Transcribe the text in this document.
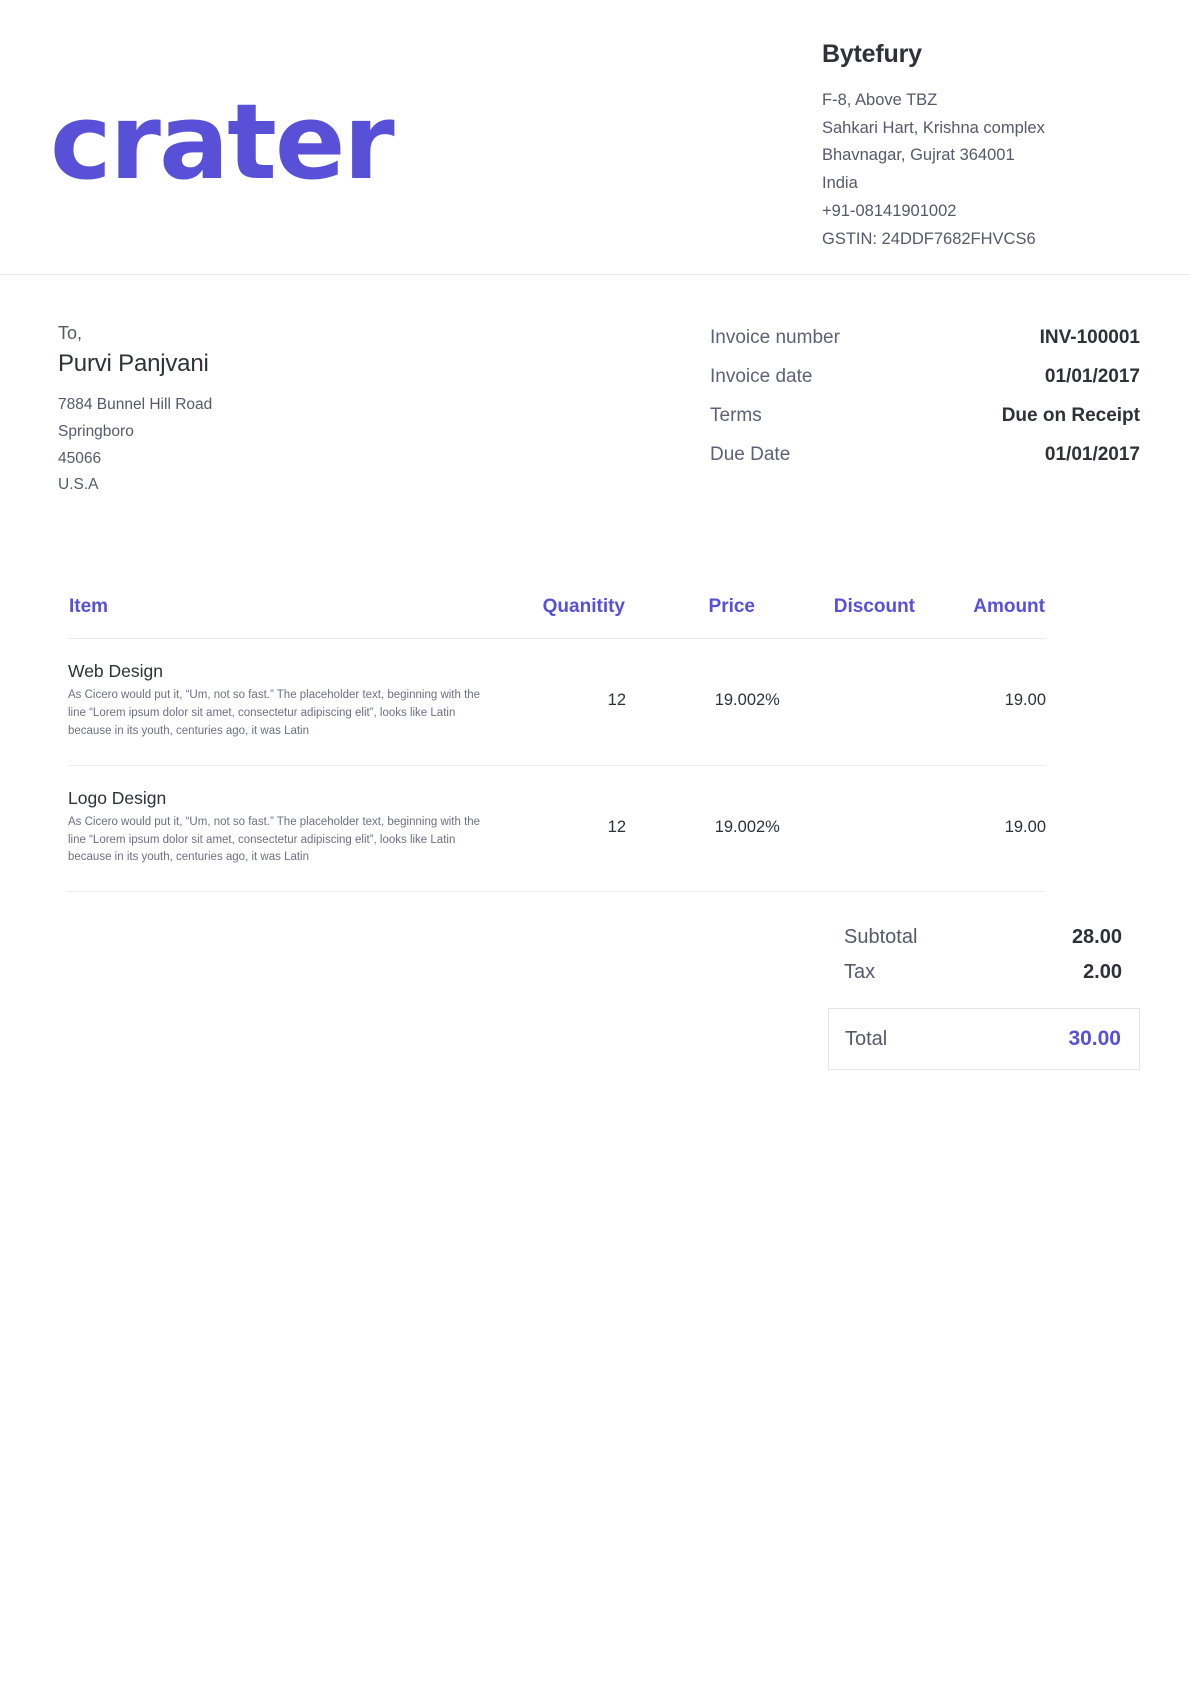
crater
Bytefury
F-8, Above TBZ
Sahkari Hart, Krishna complex
Bhavnagar, Gujrat 364001
India
+91-08141901002
GSTIN: 24DDF7682FHVCS6
To,
Purvi Panjvani
7884 Bunnel Hill Road
Springboro
45066
U.S.A
Invoice number	INV-100001
Invoice date	01/01/2017
Terms	Due on Receipt
Due Date	01/01/2017
Item	Quanitity	Price	Discount	Amount

Web Design
As Cicero would put it, “Um, not so fast.” The placeholder text, beginning with the line “Lorem ipsum dolor sit amet, consectetur adipiscing elit”, looks like Latin because in its youth, centuries ago, it was Latin	12	19.00	2%	19.00

Logo Design
As Cicero would put it, “Um, not so fast.” The placeholder text, beginning with the line “Lorem ipsum dolor sit amet, consectetur adipiscing elit”, looks like Latin because in its youth, centuries ago, it was Latin	12	19.00	2%	19.00
Subtotal	28.00
Tax	2.00
Total	30.00
